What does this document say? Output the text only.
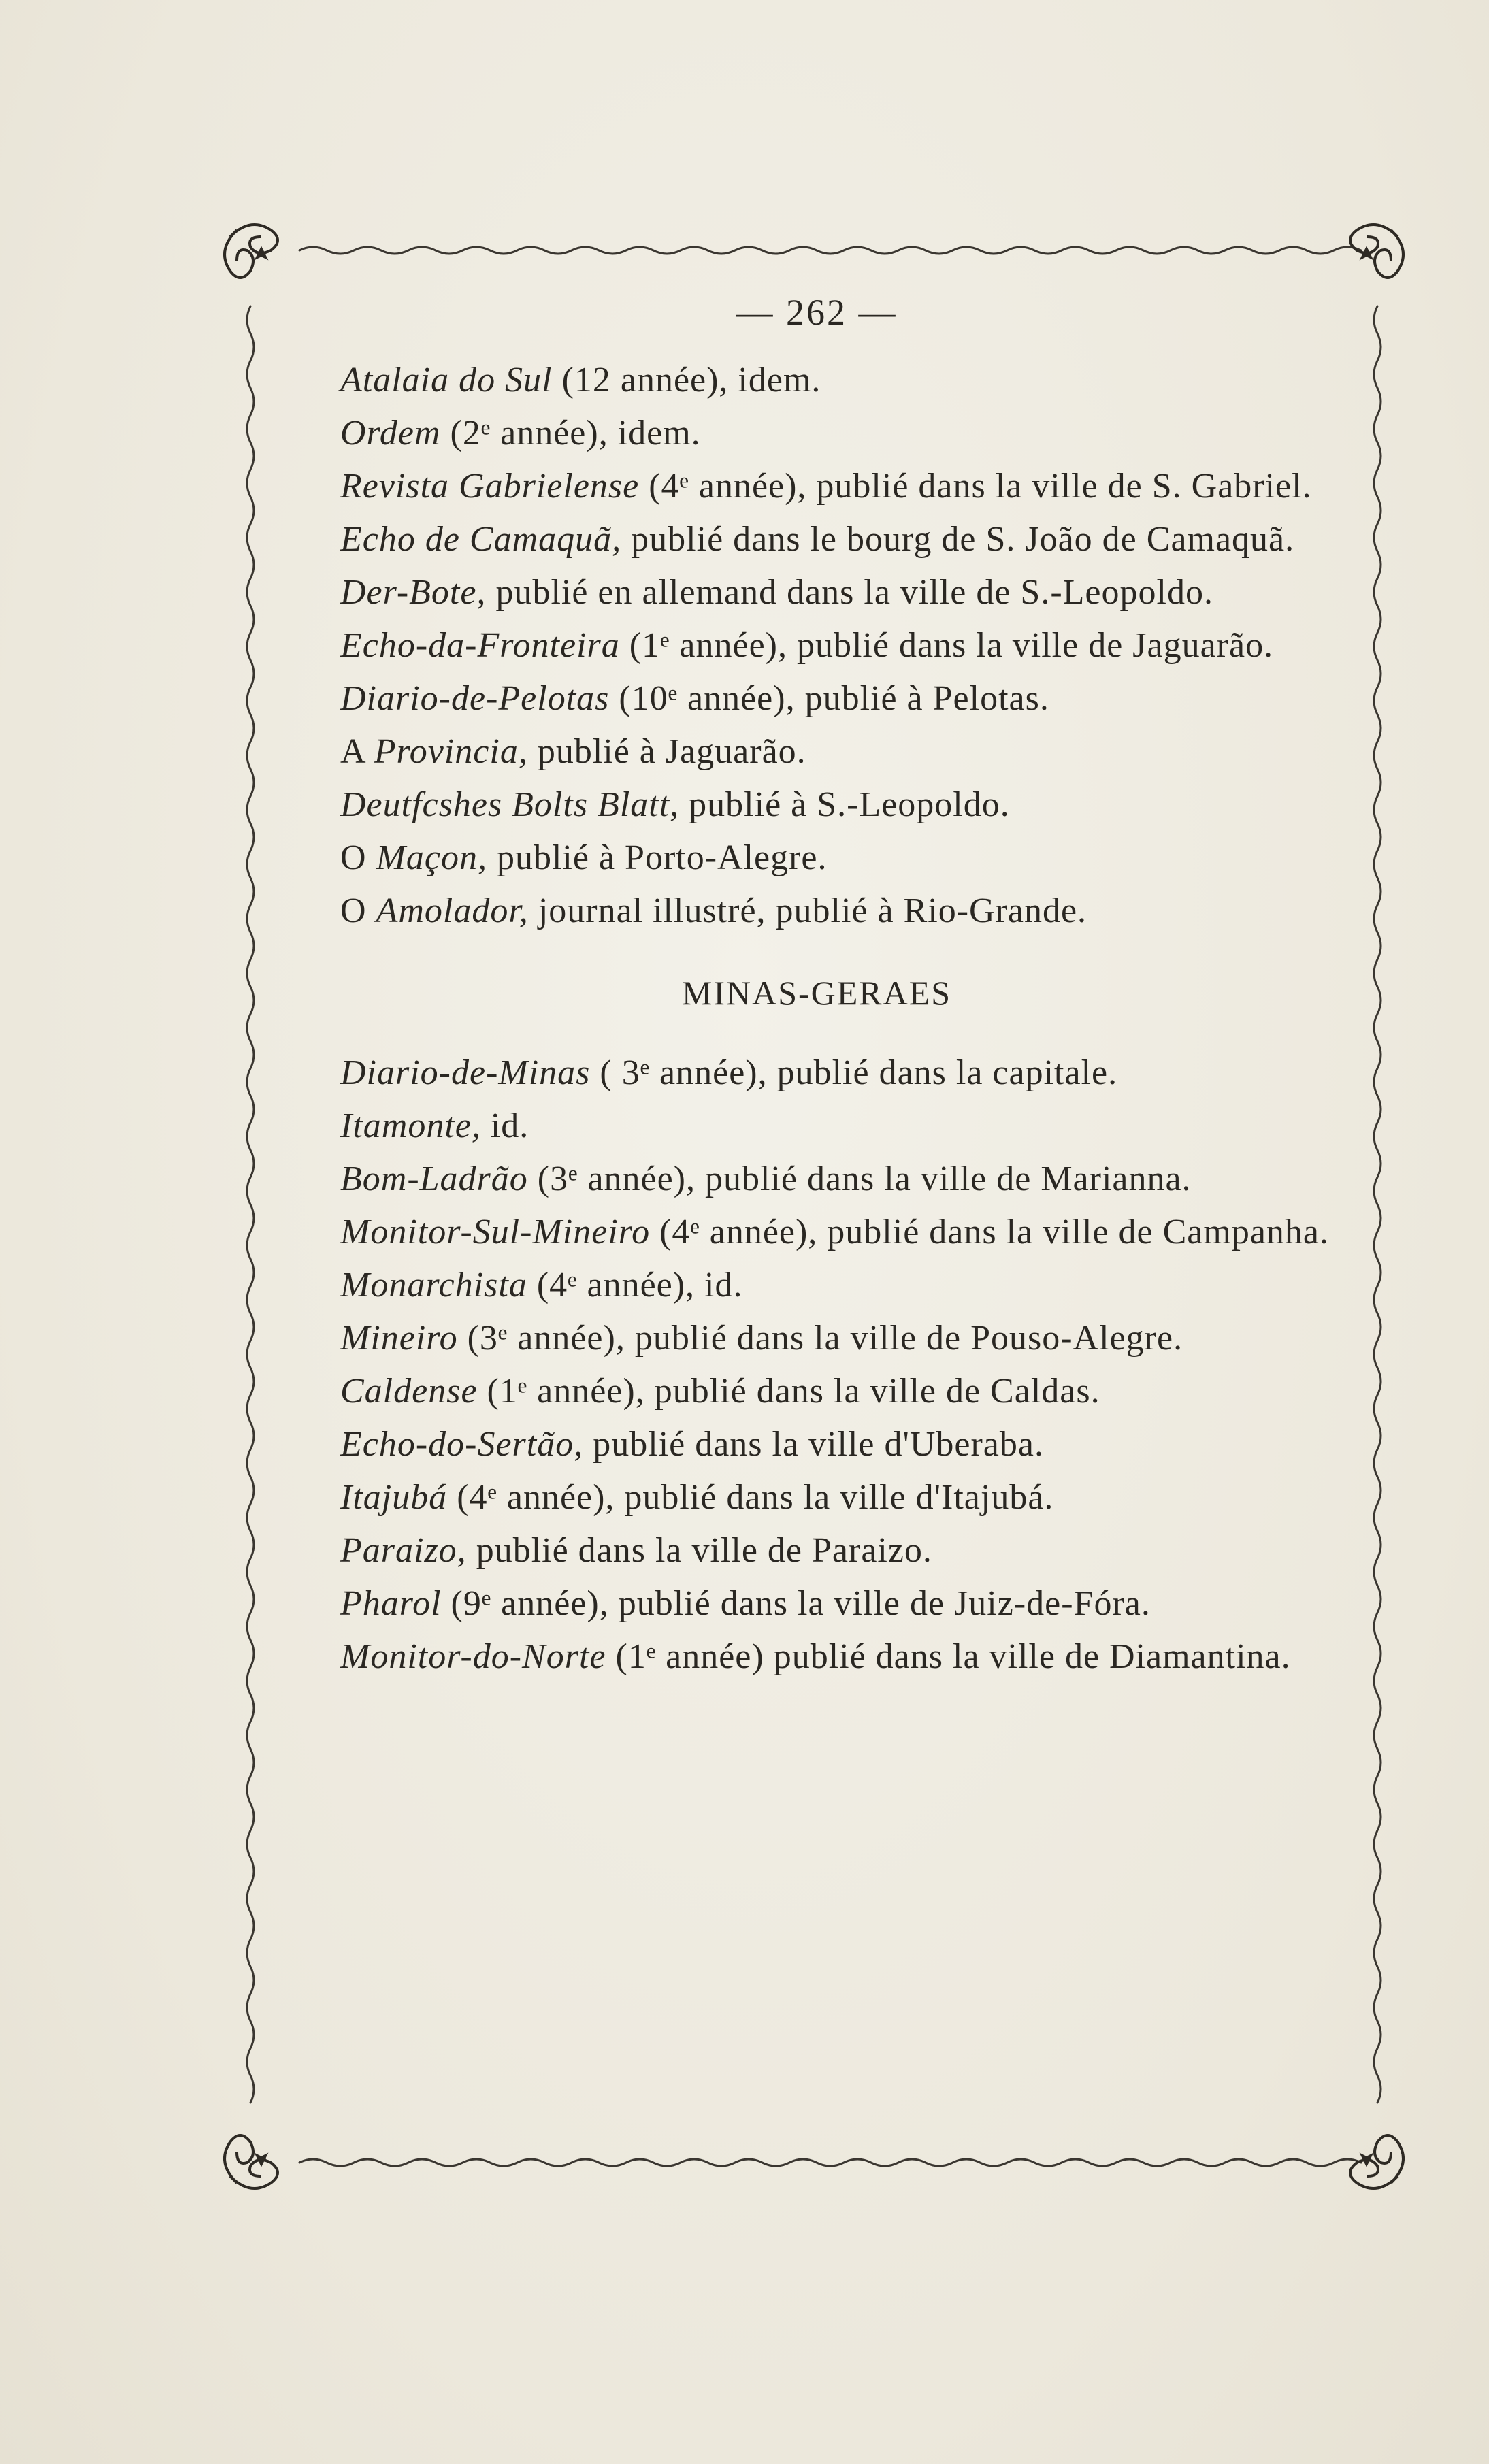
— 262 —

Atalaia do Sul (12 année), idem.

Ordem (2ᵉ année), idem.

Revista Gabrielense (4ᵉ année), publié dans la ville de S. Gabriel.

Echo de Camaquã, publié dans le bourg de S. João de Camaquã.

Der-Bote, publié en allemand dans la ville de S.-Leopoldo.

Echo-da-Fronteira (1ᵉ année), publié dans la ville de Jaguarão.

Diario-de-Pelotas (10ᵉ année), publié à Pelotas.

A Provincia, publié à Jaguarão.

Deutfcshes Bolts Blatt, publié à S.-Leopoldo.

O Maçon, publié à Porto-Alegre.

O Amolador, journal illustré, publié à Rio-Grande.

MINAS-GERAES

Diario-de-Minas ( 3ᵉ année), publié dans la capitale.

Itamonte, id.

Bom-Ladrão (3ᵉ année), publié dans la ville de Marianna.

Monitor-Sul-Mineiro (4ᵉ année), publié dans la ville de Campanha.

Monarchista (4ᵉ année), id.

Mineiro (3ᵉ année), publié dans la ville de Pouso-Alegre.

Caldense (1ᵉ année), publié dans la ville de Caldas.

Echo-do-Sertão, publié dans la ville d'Uberaba.

Itajubá (4ᵉ année), publié dans la ville d'Itajubá.

Paraizo, publié dans la ville de Paraizo.

Pharol (9ᵉ année), publié dans la ville de Juiz-de-Fóra.

Monitor-do-Norte (1ᵉ année) publié dans la ville de Diamantina.
